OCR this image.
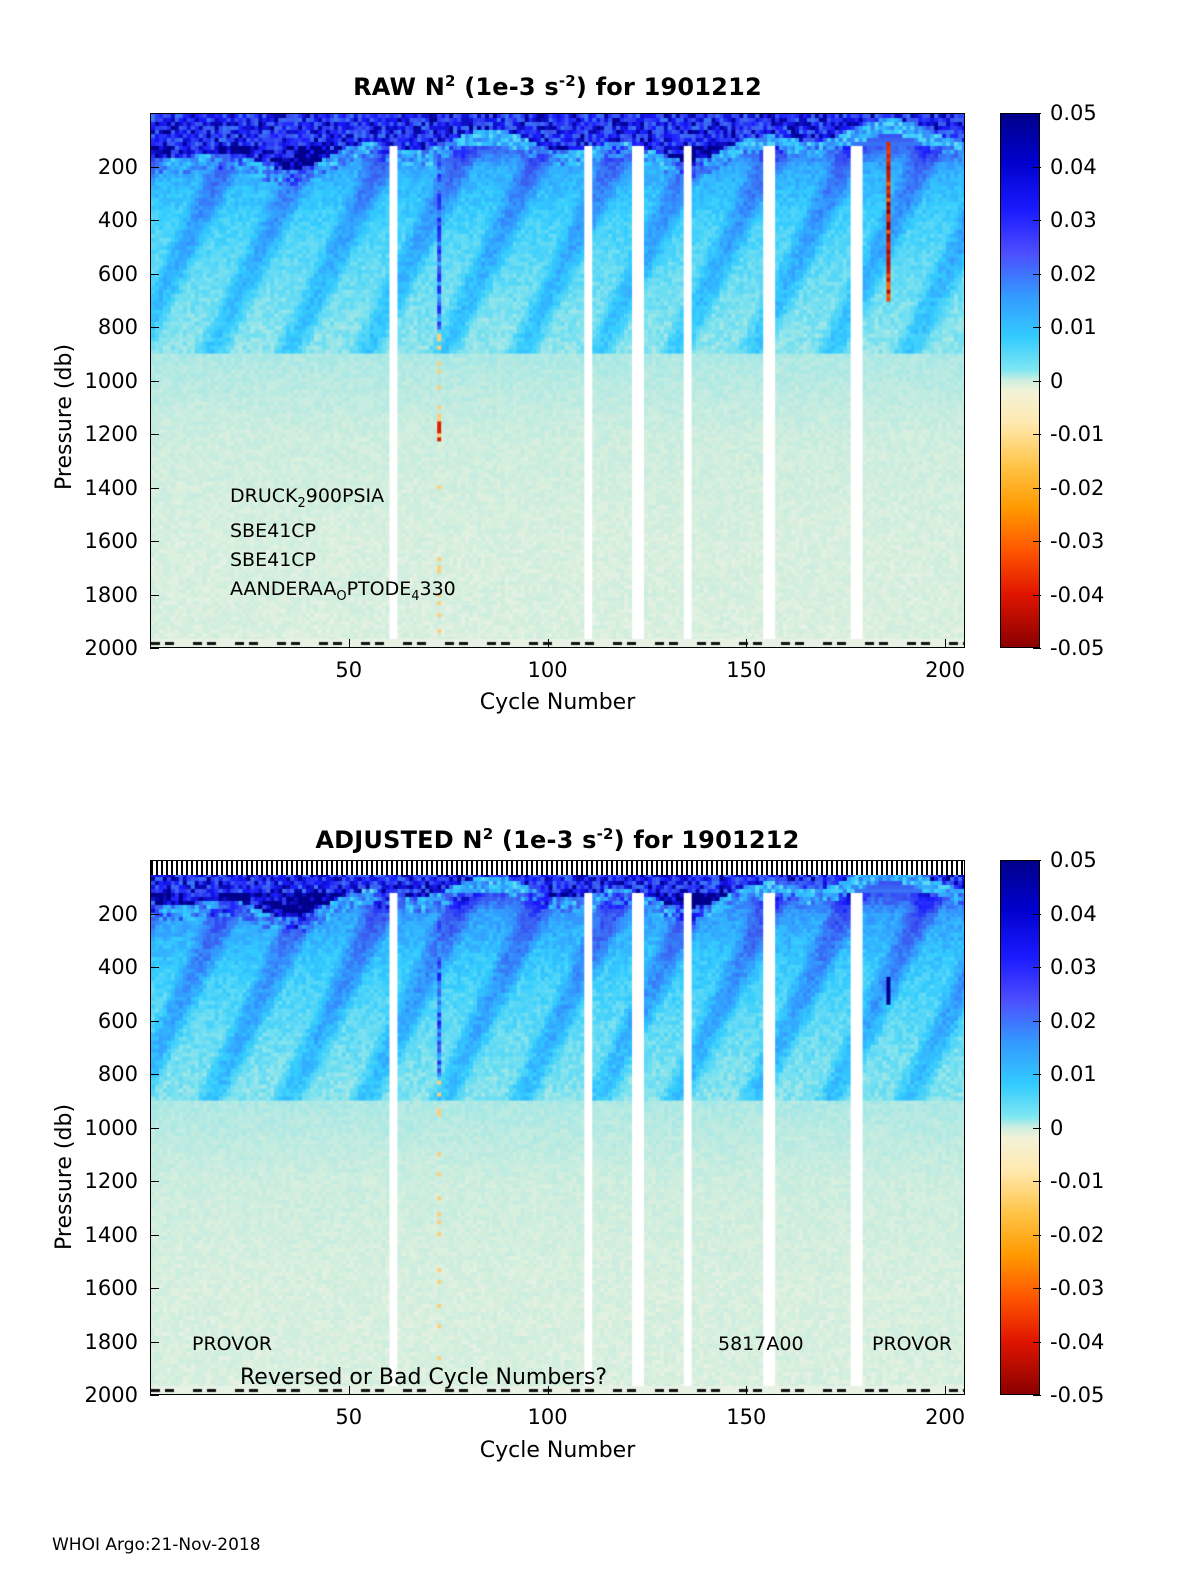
RAW $N^2$ (1e-3 $s^{-2}$) for 1901212
Pressure (db)
200
400
600
800
1000
1200
1400
1600
1800
2000
50	100	150	200
Cycle Number
0.05
0.04
0.03
0.02
0.01
0
-0.01
-0.02
-0.03
-0.04
-0.05
$DRUCK_2900PSIA$
SBE41CP
SBE41CP
$AANDERAA_OPTODE_4330$
ADJUSTED $N^2$ (1e-3 $s^{-2}$) for 1901212
Pressure (db)
200
400
600
800
1000
1200
1400
1600
1800
2000
50	100	150	200
Cycle Number
0.05
0.04
0.03
0.02
0.01
0
-0.01
-0.02
-0.03
-0.04
-0.05
PROVOR	5817A00	PROVOR
Reversed or Bad Cycle Numbers?
WHOI Argo:21-Nov-2018
